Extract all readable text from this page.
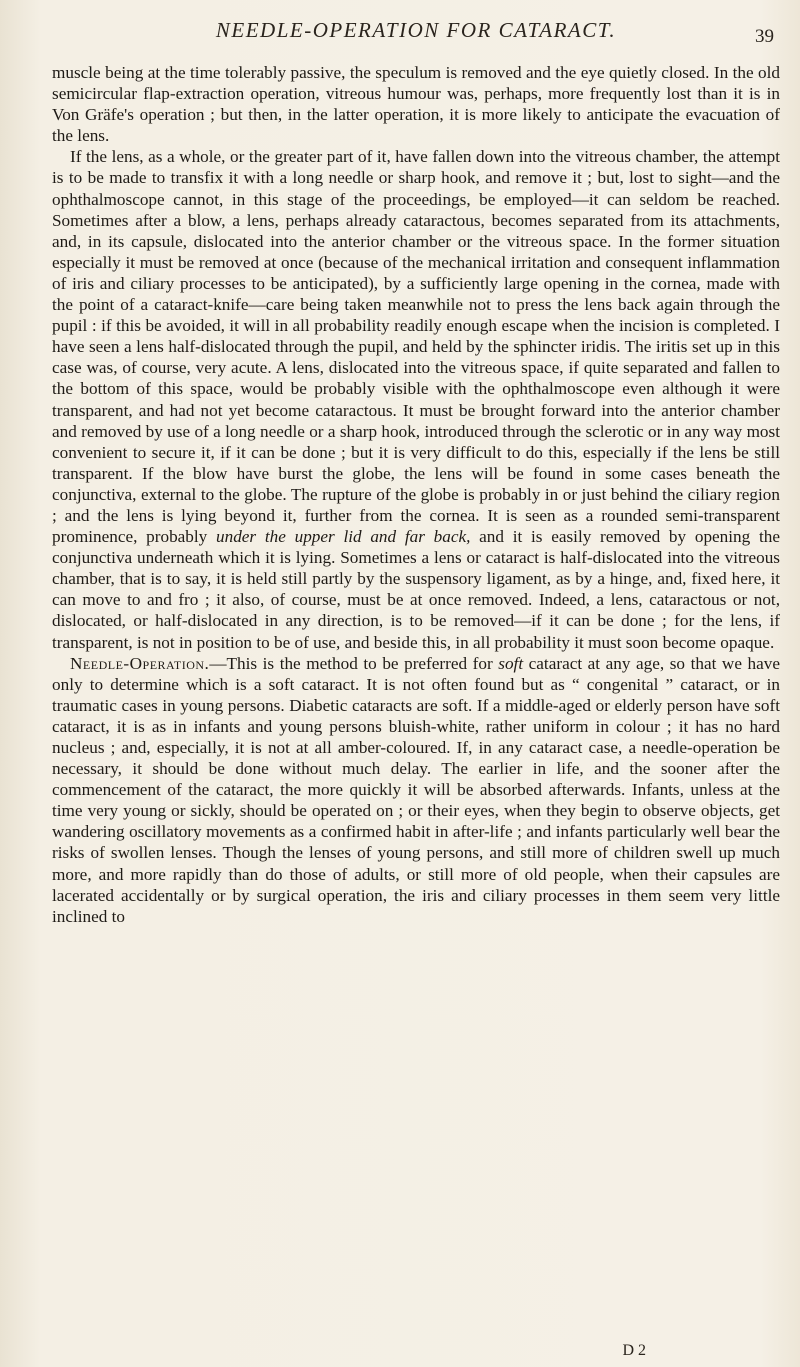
NEEDLE-OPERATION FOR CATARACT.	39

muscle being at the time tolerably passive, the speculum is removed and the eye quietly closed. In the old semicircular flap-extraction operation, vitreous humour was, perhaps, more frequently lost than it is in Von Gräfe's operation ; but then, in the latter operation, it is more likely to anticipate the evacuation of the lens.

If the lens, as a whole, or the greater part of it, have fallen down into the vitreous chamber, the attempt is to be made to transfix it with a long needle or sharp hook, and remove it ; but, lost to sight—and the ophthalmoscope cannot, in this stage of the proceedings, be employed—it can seldom be reached. Sometimes after a blow, a lens, perhaps already cataractous, becomes separated from its attachments, and, in its capsule, dislocated into the anterior chamber or the vitreous space. In the former situation especially it must be removed at once (because of the mechanical irritation and consequent inflammation of iris and ciliary processes to be anticipated), by a sufficiently large opening in the cornea, made with the point of a cataract-knife—care being taken meanwhile not to press the lens back again through the pupil : if this be avoided, it will in all probability readily enough escape when the incision is completed. I have seen a lens half-dislocated through the pupil, and held by the sphincter iridis. The iritis set up in this case was, of course, very acute. A lens, dislocated into the vitreous space, if quite separated and fallen to the bottom of this space, would be probably visible with the ophthalmoscope even although it were transparent, and had not yet become cataractous. It must be brought forward into the anterior chamber and removed by use of a long needle or a sharp hook, introduced through the sclerotic or in any way most convenient to secure it, if it can be done ; but it is very difficult to do this, especially if the lens be still transparent. If the blow have burst the globe, the lens will be found in some cases beneath the conjunctiva, external to the globe. The rupture of the globe is probably in or just behind the ciliary region ; and the lens is lying beyond it, further from the cornea. It is seen as a rounded semi-transparent prominence, probably under the upper lid and far back, and it is easily removed by opening the conjunctiva underneath which it is lying. Sometimes a lens or cataract is half-dislocated into the vitreous chamber, that is to say, it is held still partly by the suspensory ligament, as by a hinge, and, fixed here, it can move to and fro ; it also, of course, must be at once removed. Indeed, a lens, cataractous or not, dislocated, or half-dislocated in any direction, is to be removed—if it can be done ; for the lens, if transparent, is not in position to be of use, and beside this, in all probability it must soon become opaque.

Needle-Operation.—This is the method to be preferred for soft cataract at any age, so that we have only to determine which is a soft cataract. It is not often found but as “ congenital ” cataract, or in traumatic cases in young persons. Diabetic cataracts are soft. If a middle-aged or elderly person have soft cataract, it is as in infants and young persons bluish-white, rather uniform in colour ; it has no hard nucleus ; and, especially, it is not at all amber-coloured. If, in any cataract case, a needle-operation be necessary, it should be done without much delay. The earlier in life, and the sooner after the commencement of the cataract, the more quickly it will be absorbed afterwards. Infants, unless at the time very young or sickly, should be operated on ; or their eyes, when they begin to observe objects, get wandering oscillatory movements as a confirmed habit in after-life ; and infants particularly well bear the risks of swollen lenses. Though the lenses of young persons, and still more of children swell up much more, and more rapidly than do those of adults, or still more of old people, when their capsules are lacerated accidentally or by surgical operation, the iris and ciliary processes in them seem very little inclined to

D 2
